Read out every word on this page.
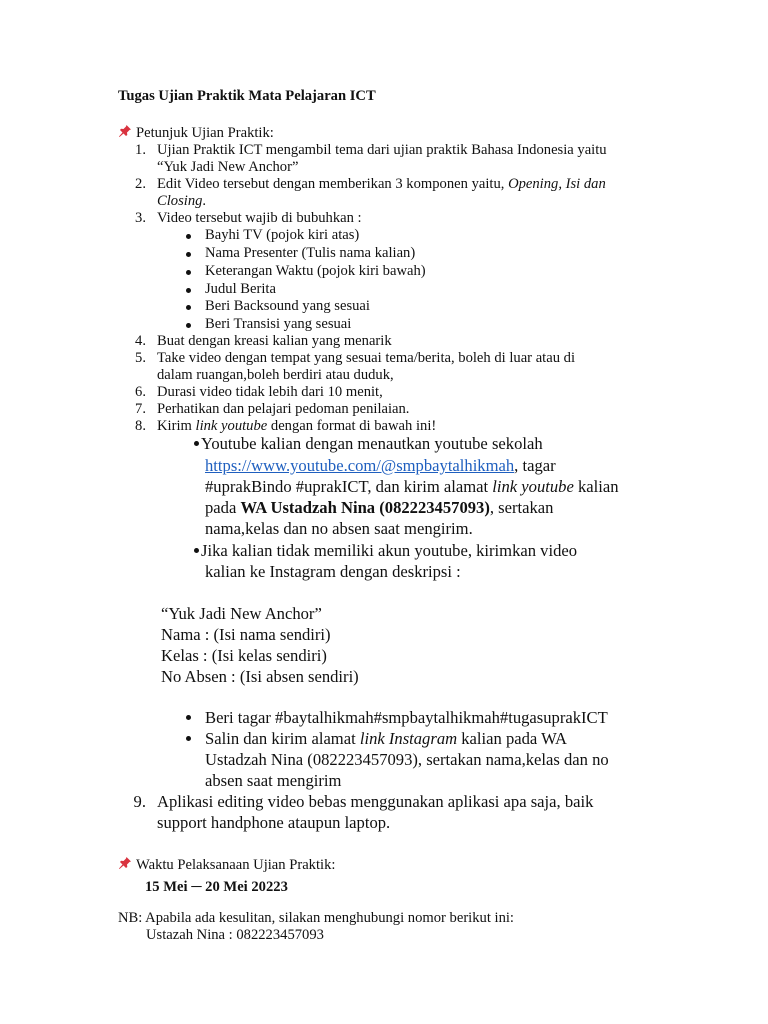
Tugas Ujian Praktik Mata Pelajaran ICT
Petunjuk Ujian Praktik:
1. Ujian Praktik ICT mengambil tema dari ujian praktik Bahasa Indonesia yaitu
“Yuk Jadi New Anchor”
2. Edit Video tersebut dengan memberikan 3 komponen yaitu, Opening, Isi dan
Closing.
3. Video tersebut wajib di bubuhkan :
Bayhi TV (pojok kiri atas)
Nama Presenter (Tulis nama kalian)
Keterangan Waktu (pojok kiri bawah)
Judul Berita
Beri Backsound yang sesuai
Beri Transisi yang sesuai
4. Buat dengan kreasi kalian yang menarik
5. Take video dengan tempat yang sesuai tema/berita, boleh di luar atau di
dalam ruangan,boleh berdiri atau duduk,
6. Durasi video tidak lebih dari 10 menit,
7. Perhatikan dan pelajari pedoman penilaian.
8. Kirim link youtube dengan format di bawah ini!
Youtube kalian dengan menautkan youtube sekolah
https://www.youtube.com/@smpbaytalhikmah, tagar
#uprakBindo #uprakICT, dan kirim alamat link youtube kalian
pada WA Ustadzah Nina (082223457093), sertakan
nama,kelas dan no absen saat mengirim.
Jika kalian tidak memiliki akun youtube, kirimkan video
kalian ke Instagram dengan deskripsi :
“Yuk Jadi New Anchor”
Nama : (Isi nama sendiri)
Kelas : (Isi kelas sendiri)
No Absen : (Isi absen sendiri)
Beri tagar #baytalhikmah#smpbaytalhikmah#tugasuprakICT
Salin dan kirim alamat link Instagram kalian pada WA
Ustadzah Nina (082223457093), sertakan nama,kelas dan no
absen saat mengirim
9. Aplikasi editing video bebas menggunakan aplikasi apa saja, baik
support handphone ataupun laptop.
Waktu Pelaksanaan Ujian Praktik:
15 Mei ─ 20 Mei 20223
NB: Apabila ada kesulitan, silakan menghubungi nomor berikut ini:
Ustazah Nina : 082223457093
